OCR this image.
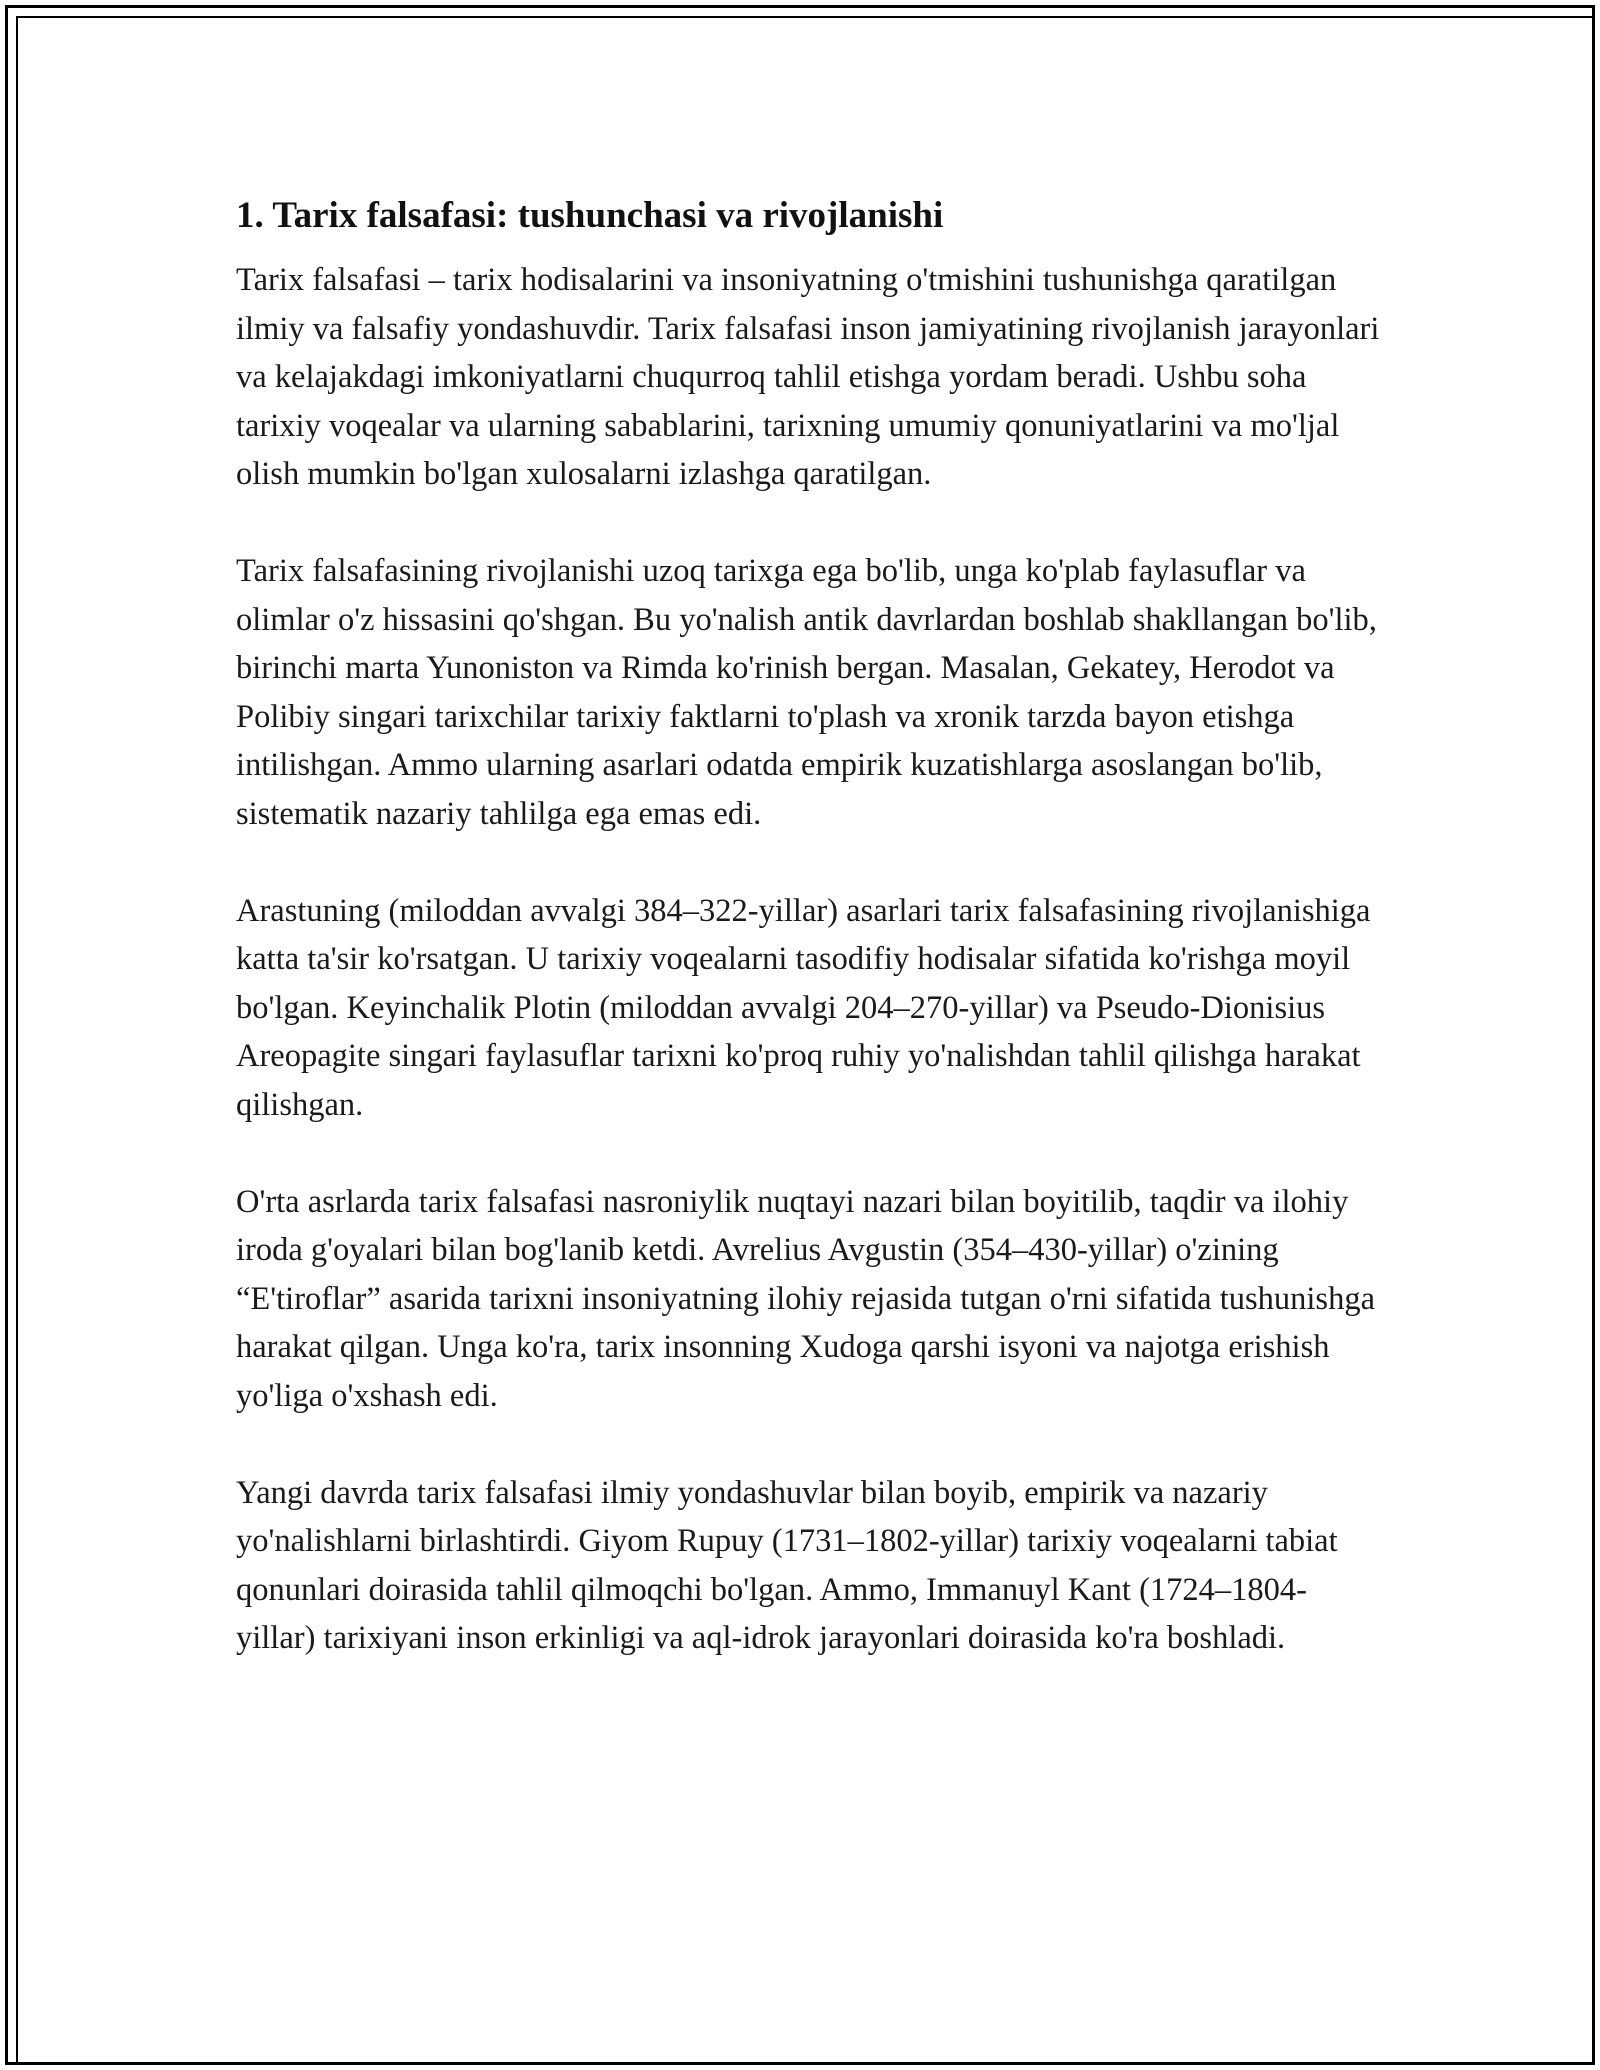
1. Tarix falsafasi: tushunchasi va rivojlanishi

Tarix falsafasi – tarix hodisalarini va insoniyatning o'tmishini tushunishga qaratilgan ilmiy va falsafiy yondashuvdir. Tarix falsafasi inson jamiyatining rivojlanish jarayonlari va kelajakdagi imkoniyatlarni chuqurroq tahlil etishga yordam beradi. Ushbu soha tarixiy voqealar va ularning sabablarini, tarixning umumiy qonuniyatlarini va mo'ljal olish mumkin bo'lgan xulosalarni izlashga qaratilgan.

Tarix falsafasining rivojlanishi uzoq tarixga ega bo'lib, unga ko'plab faylasuflar va olimlar o'z hissasini qo'shgan. Bu yo'nalish antik davrlardan boshlab shakllangan bo'lib, birinchi marta Yunoniston va Rimda ko'rinish bergan. Masalan, Gekatey, Herodot va Polibiy singari tarixchilar tarixiy faktlarni to'plash va xronik tarzda bayon etishga intilishgan. Ammo ularning asarlari odatda empirik kuzatishlarga asoslangan bo'lib, sistematik nazariy tahlilga ega emas edi.

Arastuning (miloddan avvalgi 384–322-yillar) asarlari tarix falsafasining rivojlanishiga katta ta'sir ko'rsatgan. U tarixiy voqealarni tasodifiy hodisalar sifatida ko'rishga moyil bo'lgan. Keyinchalik Plotin (miloddan avvalgi 204–270-yillar) va Pseudo-Dionisius Areopagite singari faylasuflar tarixni ko'proq ruhiy yo'nalishdan tahlil qilishga harakat qilishgan.

O'rta asrlarda tarix falsafasi nasroniylik nuqtayi nazari bilan boyitilib, taqdir va ilohiy iroda g'oyalari bilan bog'lanib ketdi. Avrelius Avgustin (354–430-yillar) o'zining “E'tiroflar” asarida tarixni insoniyatning ilohiy rejasida tutgan o'rni sifatida tushunishga harakat qilgan. Unga ko'ra, tarix insonning Xudoga qarshi isyoni va najotga erishish yo'liga o'xshash edi.

Yangi davrda tarix falsafasi ilmiy yondashuvlar bilan boyib, empirik va nazariy yo'nalishlarni birlashtirdi. Giyom Rupuy (1731–1802-yillar) tarixiy voqealarni tabiat qonunlari doirasida tahlil qilmoqchi bo'lgan. Ammo, Immanuyl Kant (1724–1804-yillar) tarixiyani inson erkinligi va aql-idrok jarayonlari doirasida ko'ra boshladi.
